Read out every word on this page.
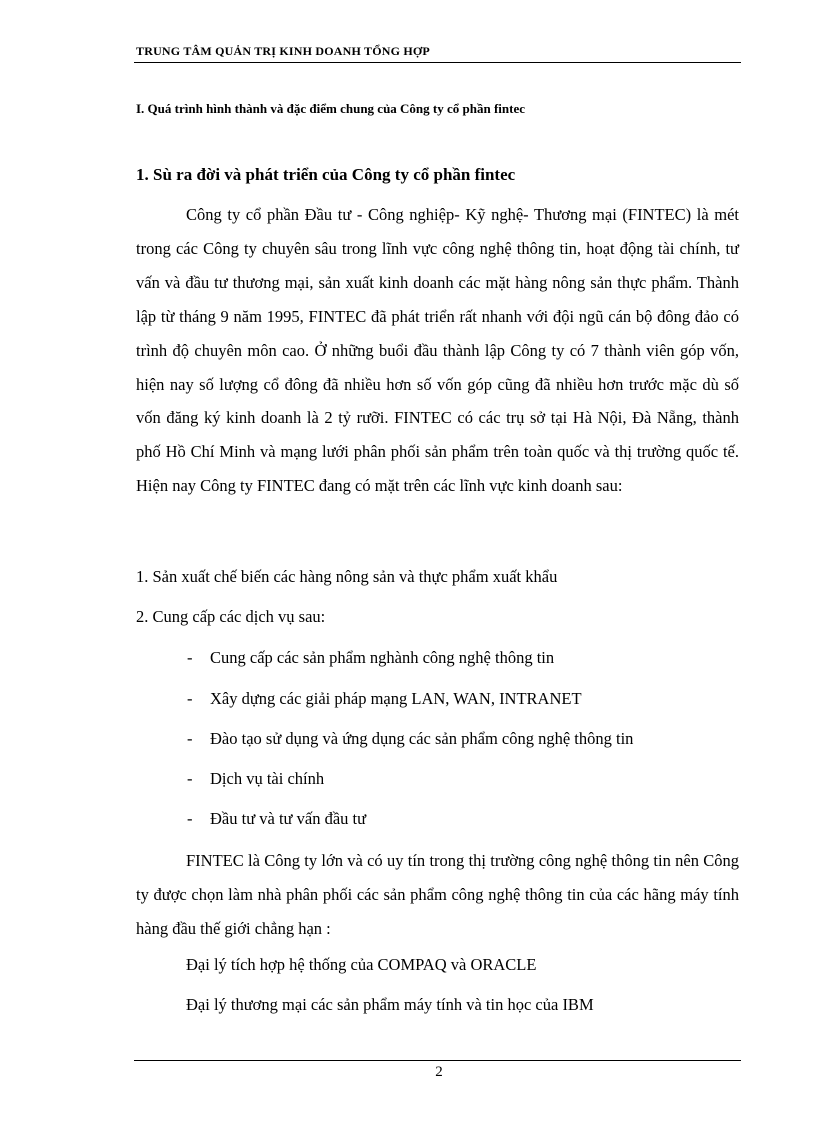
TRUNG TÂM QUẢN TRỊ KINH DOANH TỔNG HỢP
I. Quá trình hình thành và đặc điểm chung của Công ty cổ phần fintec
1. Sù ra đời và phát triển của Công ty cổ phần fintec

Công ty cổ phần Đầu tư - Công nghiệp- Kỹ nghệ- Thương mại (FINTEC) là mét trong các Công ty chuyên sâu trong lĩnh vực công nghệ thông tin, hoạt động tài chính, tư vấn và đầu tư thương mại, sản xuất kinh doanh các mặt hàng nông sản thực phẩm. Thành lập từ tháng 9 năm 1995, FINTEC đã phát triển rất nhanh với đội ngũ cán bộ đông đảo có trình độ chuyên môn cao. Ở những buổi đầu thành lập Công ty có 7 thành viên góp vốn, hiện nay số lượng cổ đông đã nhiều hơn số vốn góp cũng đã nhiều hơn trước mặc dù số vốn đăng ký kinh doanh là 2 tỷ rưỡi. FINTEC có các trụ sở tại Hà Nội, Đà Nẵng, thành phố Hồ Chí Minh và mạng lưới phân phối sản phẩm trên toàn quốc và thị trường quốc tế. Hiện nay Công ty FINTEC đang có mặt trên các lĩnh vực kinh doanh sau:

1. Sản xuất chế biến các hàng nông sản và thực phẩm xuất khẩu

2. Cung cấp các dịch vụ sau:

- Cung cấp các sản phẩm nghành công nghệ thông tin

- Xây dựng các giải pháp mạng LAN, WAN, INTRANET

- Đào tạo sử dụng và ứng dụng các sản phẩm công nghệ thông tin

- Dịch vụ tài chính

- Đầu tư và tư vấn đầu tư

FINTEC là Công ty lớn và có uy tín trong thị trường công nghệ thông tin nên Công ty được chọn làm nhà phân phối các sản phẩm công nghệ thông tin của các hãng máy tính hàng đầu thế giới chẳng hạn :

Đại lý tích hợp hệ thống của COMPAQ và ORACLE

Đại lý thương mại các sản phẩm máy tính và tin học của IBM

2
